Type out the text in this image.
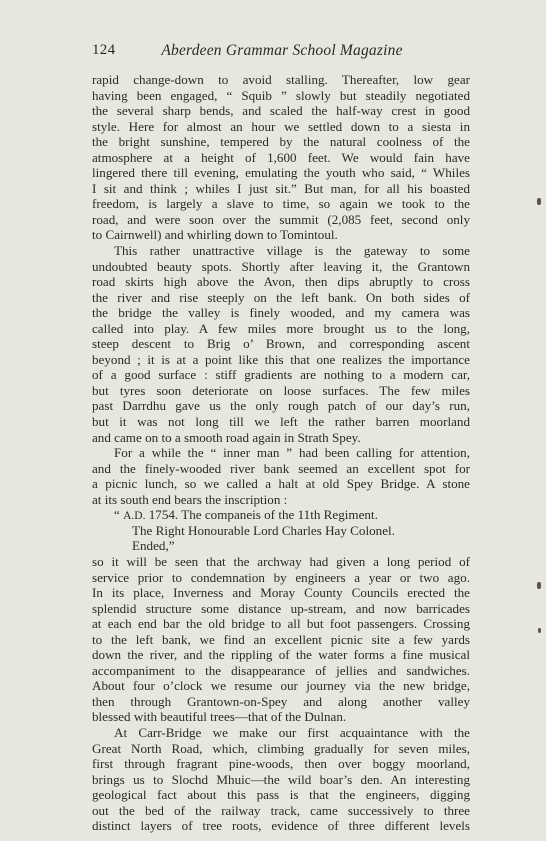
124	Aberdeen Grammar School Magazine
rapid change-down to avoid stalling. Thereafter, low gear
having been engaged, “ Squib ” slowly but steadily negotiated
the several sharp bends, and scaled the half-way crest in good
style. Here for almost an hour we settled down to a siesta in
the bright sunshine, tempered by the natural coolness of the
atmosphere at a height of 1,600 feet. We would fain have
lingered there till evening, emulating the youth who said, “ Whiles
I sit and think ; whiles I just sit.” But man, for all his boasted
freedom, is largely a slave to time, so again we took to the
road, and were soon over the summit (2,085 feet, second only
to Cairnwell) and whirling down to Tomintoul.
This rather unattractive village is the gateway to some
undoubted beauty spots. Shortly after leaving it, the Grantown
road skirts high above the Avon, then dips abruptly to cross
the river and rise steeply on the left bank. On both sides of
the bridge the valley is finely wooded, and my camera was
called into play. A few miles more brought us to the long,
steep descent to Brig o’ Brown, and corresponding ascent
beyond ; it is at a point like this that one realizes the importance
of a good surface : stiff gradients are nothing to a modern car,
but tyres soon deteriorate on loose surfaces. The few miles
past Darrdhu gave us the only rough patch of our day’s run,
but it was not long till we left the rather barren moorland
and came on to a smooth road again in Strath Spey.
For a while the “ inner man ” had been calling for attention,
and the finely-wooded river bank seemed an excellent spot for
a picnic lunch, so we called a halt at old Spey Bridge. A stone
at its south end bears the inscription :
“ A.D. 1754. The companeis of the 11th Regiment.
The Right Honourable Lord Charles Hay Colonel.
Ended,”
so it will be seen that the archway had given a long period of
service prior to condemnation by engineers a year or two ago.
In its place, Inverness and Moray County Councils erected the
splendid structure some distance up-stream, and now barricades
at each end bar the old bridge to all but foot passengers. Crossing
to the left bank, we find an excellent picnic site a few yards
down the river, and the rippling of the water forms a fine musical
accompaniment to the disappearance of jellies and sandwiches.
About four o’clock we resume our journey via the new bridge,
then through Grantown-on-Spey and along another valley
blessed with beautiful trees—that of the Dulnan.
At Carr-Bridge we make our first acquaintance with the
Great North Road, which, climbing gradually for seven miles,
first through fragrant pine-woods, then over boggy moorland,
brings us to Slochd Mhuic—the wild boar’s den. An interesting
geological fact about this pass is that the engineers, digging
out the bed of the railway track, came successively to three
distinct layers of tree roots, evidence of three different levels
